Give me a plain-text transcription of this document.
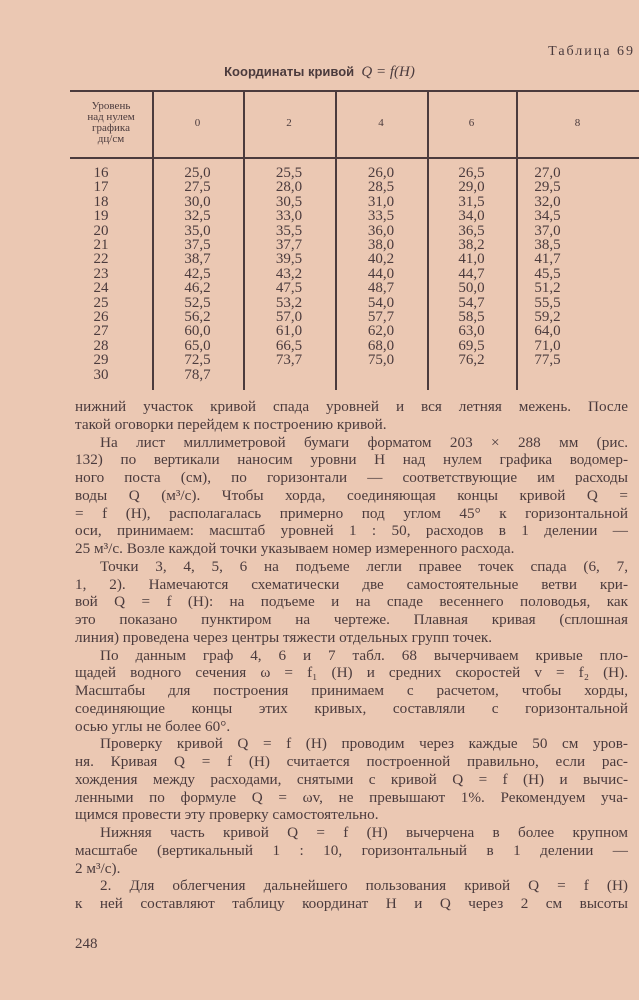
Таблица 69
Координаты кривой Q = f(H)
Уровень
над нулем
графика
дц/см
0	2	4	6	8
16	25,0	25,5	26,0	26,5	27,0
17	27,5	28,0	28,5	29,0	29,5
18	30,0	30,5	31,0	31,5	32,0
19	32,5	33,0	33,5	34,0	34,5
20	35,0	35,5	36,0	36,5	37,0
21	37,5	37,7	38,0	38,2	38,5
22	38,7	39,5	40,2	41,0	41,7
23	42,5	43,2	44,0	44,7	45,5
24	46,2	47,5	48,7	50,0	51,2
25	52,5	53,2	54,0	54,7	55,5
26	56,2	57,0	57,7	58,5	59,2
27	60,0	61,0	62,0	63,0	64,0
28	65,0	66,5	68,0	69,5	71,0
29	72,5	73,7	75,0	76,2	77,5
30	78,7
нижний участок кривой спада уровней и вся летняя межень. После
такой оговорки перейдем к построению кривой.
На лист миллиметровой бумаги форматом 203 × 288 мм (рис.
132) по вертикали наносим уровни H над нулем графика водомер-
ного поста (см), по горизонтали — соответствующие им расходы
воды Q (м³/с). Чтобы хорда, соединяющая концы кривой Q =
= f (H), располагалась примерно под углом 45° к горизонтальной
оси, принимаем: масштаб уровней 1 : 50, расходов в 1 делении —
25 м³/с. Возле каждой точки указываем номер измеренного расхода.
Точки 3, 4, 5, 6 на подъеме легли правее точек спада (6, 7,
1, 2). Намечаются схематически две самостоятельные ветви кри-
вой Q = f (H): на подъеме и на спаде весеннего половодья, как
это показано пунктиром на чертеже. Плавная кривая (сплошная
линия) проведена через центры тяжести отдельных групп точек.
По данным граф 4, 6 и 7 табл. 68 вычерчиваем кривые пло-
щадей водного сечения ω = f₁ (H) и средних скоростей v = f₂ (H).
Масштабы для построения принимаем с расчетом, чтобы хорды,
соединяющие концы этих кривых, составляли с горизонтальной
осью углы не более 60°.
Проверку кривой Q = f (H) проводим через каждые 50 см уров-
ня. Кривая Q = f (H) считается построенной правильно, если рас-
хождения между расходами, снятыми с кривой Q = f (H) и вычис-
ленными по формуле Q = ωv, не превышают 1%. Рекомендуем уча-
щимся провести эту проверку самостоятельно.
Нижняя часть кривой Q = f (H) вычерчена в более крупном
масштабе (вертикальный 1 : 10, горизонтальный в 1 делении —
2 м³/с).
2. Для облегчения дальнейшего пользования кривой Q = f (H)
к ней составляют таблицу координат H и Q через 2 см высоты
248
